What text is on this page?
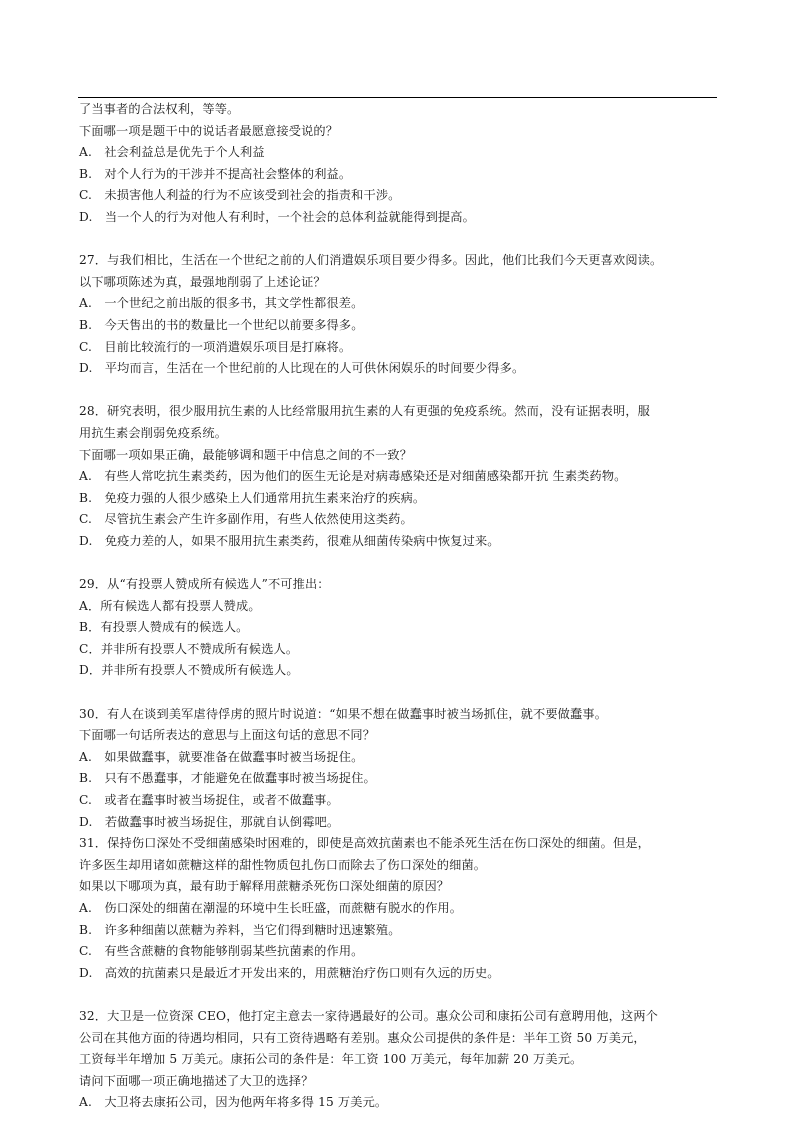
了当事者的合法权利，等等。
下面哪一项是题干中的说话者最愿意接受说的？
A.　社会利益总是优先于个人利益
B.　对个人行为的干涉并不提高社会整体的利益。
C.　未损害他人利益的行为不应该受到社会的指责和干涉。
D.　当一个人的行为对他人有利时，一个社会的总体利益就能得到提高。
27．与我们相比，生活在一个世纪之前的人们消遣娱乐项目要少得多。因此，他们比我们今天更喜欢阅读。
以下哪项陈述为真，最强地削弱了上述论证？
A.　一个世纪之前出版的很多书，其文学性都很差。
B.　今天售出的书的数量比一个世纪以前要多得多。
C.　目前比较流行的一项消遣娱乐项目是打麻将。
D.　平均而言，生活在一个世纪前的人比现在的人可供休闲娱乐的时间要少得多。
28．研究表明，很少服用抗生素的人比经常服用抗生素的人有更强的免疫系统。然而，没有证据表明，服
用抗生素会削弱免疫系统。
下面哪一项如果正确，最能够调和题干中信息之间的不一致？
A.　有些人常吃抗生素类药，因为他们的医生无论是对病毒感染还是对细菌感染都开抗 生素类药物。
B.　免疫力强的人很少感染上人们通常用抗生素来治疗的疾病。
C.　尽管抗生素会产生许多副作用，有些人依然使用这类药。
D.　免疫力差的人，如果不服用抗生素类药，很难从细菌传染病中恢复过来。
29．从“有投票人赞成所有候选人”不可推出：
A．所有候选人都有投票人赞成。
B．有投票人赞成有的候选人。
C．并非所有投票人不赞成所有候选人。
D．并非所有投票人不赞成所有候选人。
30．有人在谈到美军虐待俘虏的照片时说道：“如果不想在做蠢事时被当场抓住，就不要做蠢事。
下面哪一句话所表达的意思与上面这句话的意思不同？
A.　如果做蠢事，就要准备在做蠢事时被当场捉住。
B.　只有不愚蠢事，才能避免在做蠢事时被当场捉住。
C.　或者在蠢事时被当场捉住，或者不做蠢事。
D.　若做蠢事时被当场捉住，那就自认倒霉吧。
31．保持伤口深处不受细菌感染时困难的，即使是高效抗菌素也不能杀死生活在伤口深处的细菌。但是，
许多医生却用诸如蔗糖这样的甜性物质包扎伤口而除去了伤口深处的细菌。
如果以下哪项为真，最有助于解释用蔗糖杀死伤口深处细菌的原因？
A.　伤口深处的细菌在潮湿的环境中生长旺盛，而蔗糖有脱水的作用。
B.　许多种细菌以蔗糖为养料，当它们得到糖时迅速繁殖。
C.　有些含蔗糖的食物能够削弱某些抗菌素的作用。
D.　高效的抗菌素只是最近才开发出来的，用蔗糖治疗伤口则有久远的历史。
32．大卫是一位资深 CEO，他打定主意去一家待遇最好的公司。惠众公司和康拓公司有意聘用他，这两个
公司在其他方面的待遇均相同，只有工资待遇略有差别。惠众公司提供的条件是：半年工资 50 万美元，
工资每半年增加 5 万美元。康拓公司的条件是：年工资 100 万美元，每年加薪 20 万美元。
请问下面哪一项正确地描述了大卫的选择？
A.　大卫将去康拓公司，因为他两年将多得 15 万美元。
